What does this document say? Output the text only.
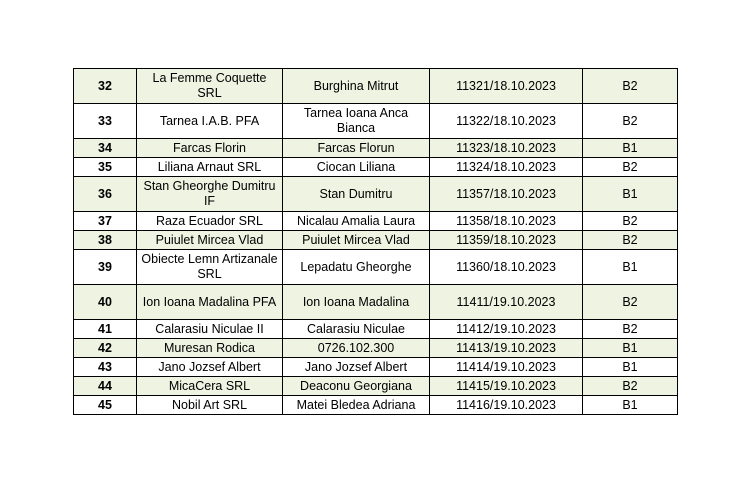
32	La Femme Coquette SRL	Burghina Mitrut	11321/18.10.2023	B2
33	Tarnea I.A.B. PFA	Tarnea Ioana Anca Bianca	11322/18.10.2023	B2
34	Farcas Florin	Farcas Florun	11323/18.10.2023	B1
35	Liliana Arnaut SRL	Ciocan Liliana	11324/18.10.2023	B2
36	Stan Gheorghe Dumitru IF	Stan Dumitru	11357/18.10.2023	B1
37	Raza Ecuador SRL	Nicalau Amalia Laura	11358/18.10.2023	B2
38	Puiulet Mircea Vlad	Puiulet Mircea Vlad	11359/18.10.2023	B2
39	Obiecte Lemn Artizanale SRL	Lepadatu Gheorghe	11360/18.10.2023	B1
40	Ion Ioana Madalina PFA	Ion Ioana Madalina	11411/19.10.2023	B2
41	Calarasiu Niculae II	Calarasiu Niculae	11412/19.10.2023	B2
42	Muresan Rodica	0726.102.300	11413/19.10.2023	B1
43	Jano Jozsef Albert	Jano Jozsef Albert	11414/19.10.2023	B1
44	MicaCera SRL	Deaconu Georgiana	11415/19.10.2023	B2
45	Nobil Art SRL	Matei Bledea Adriana	11416/19.10.2023	B1
